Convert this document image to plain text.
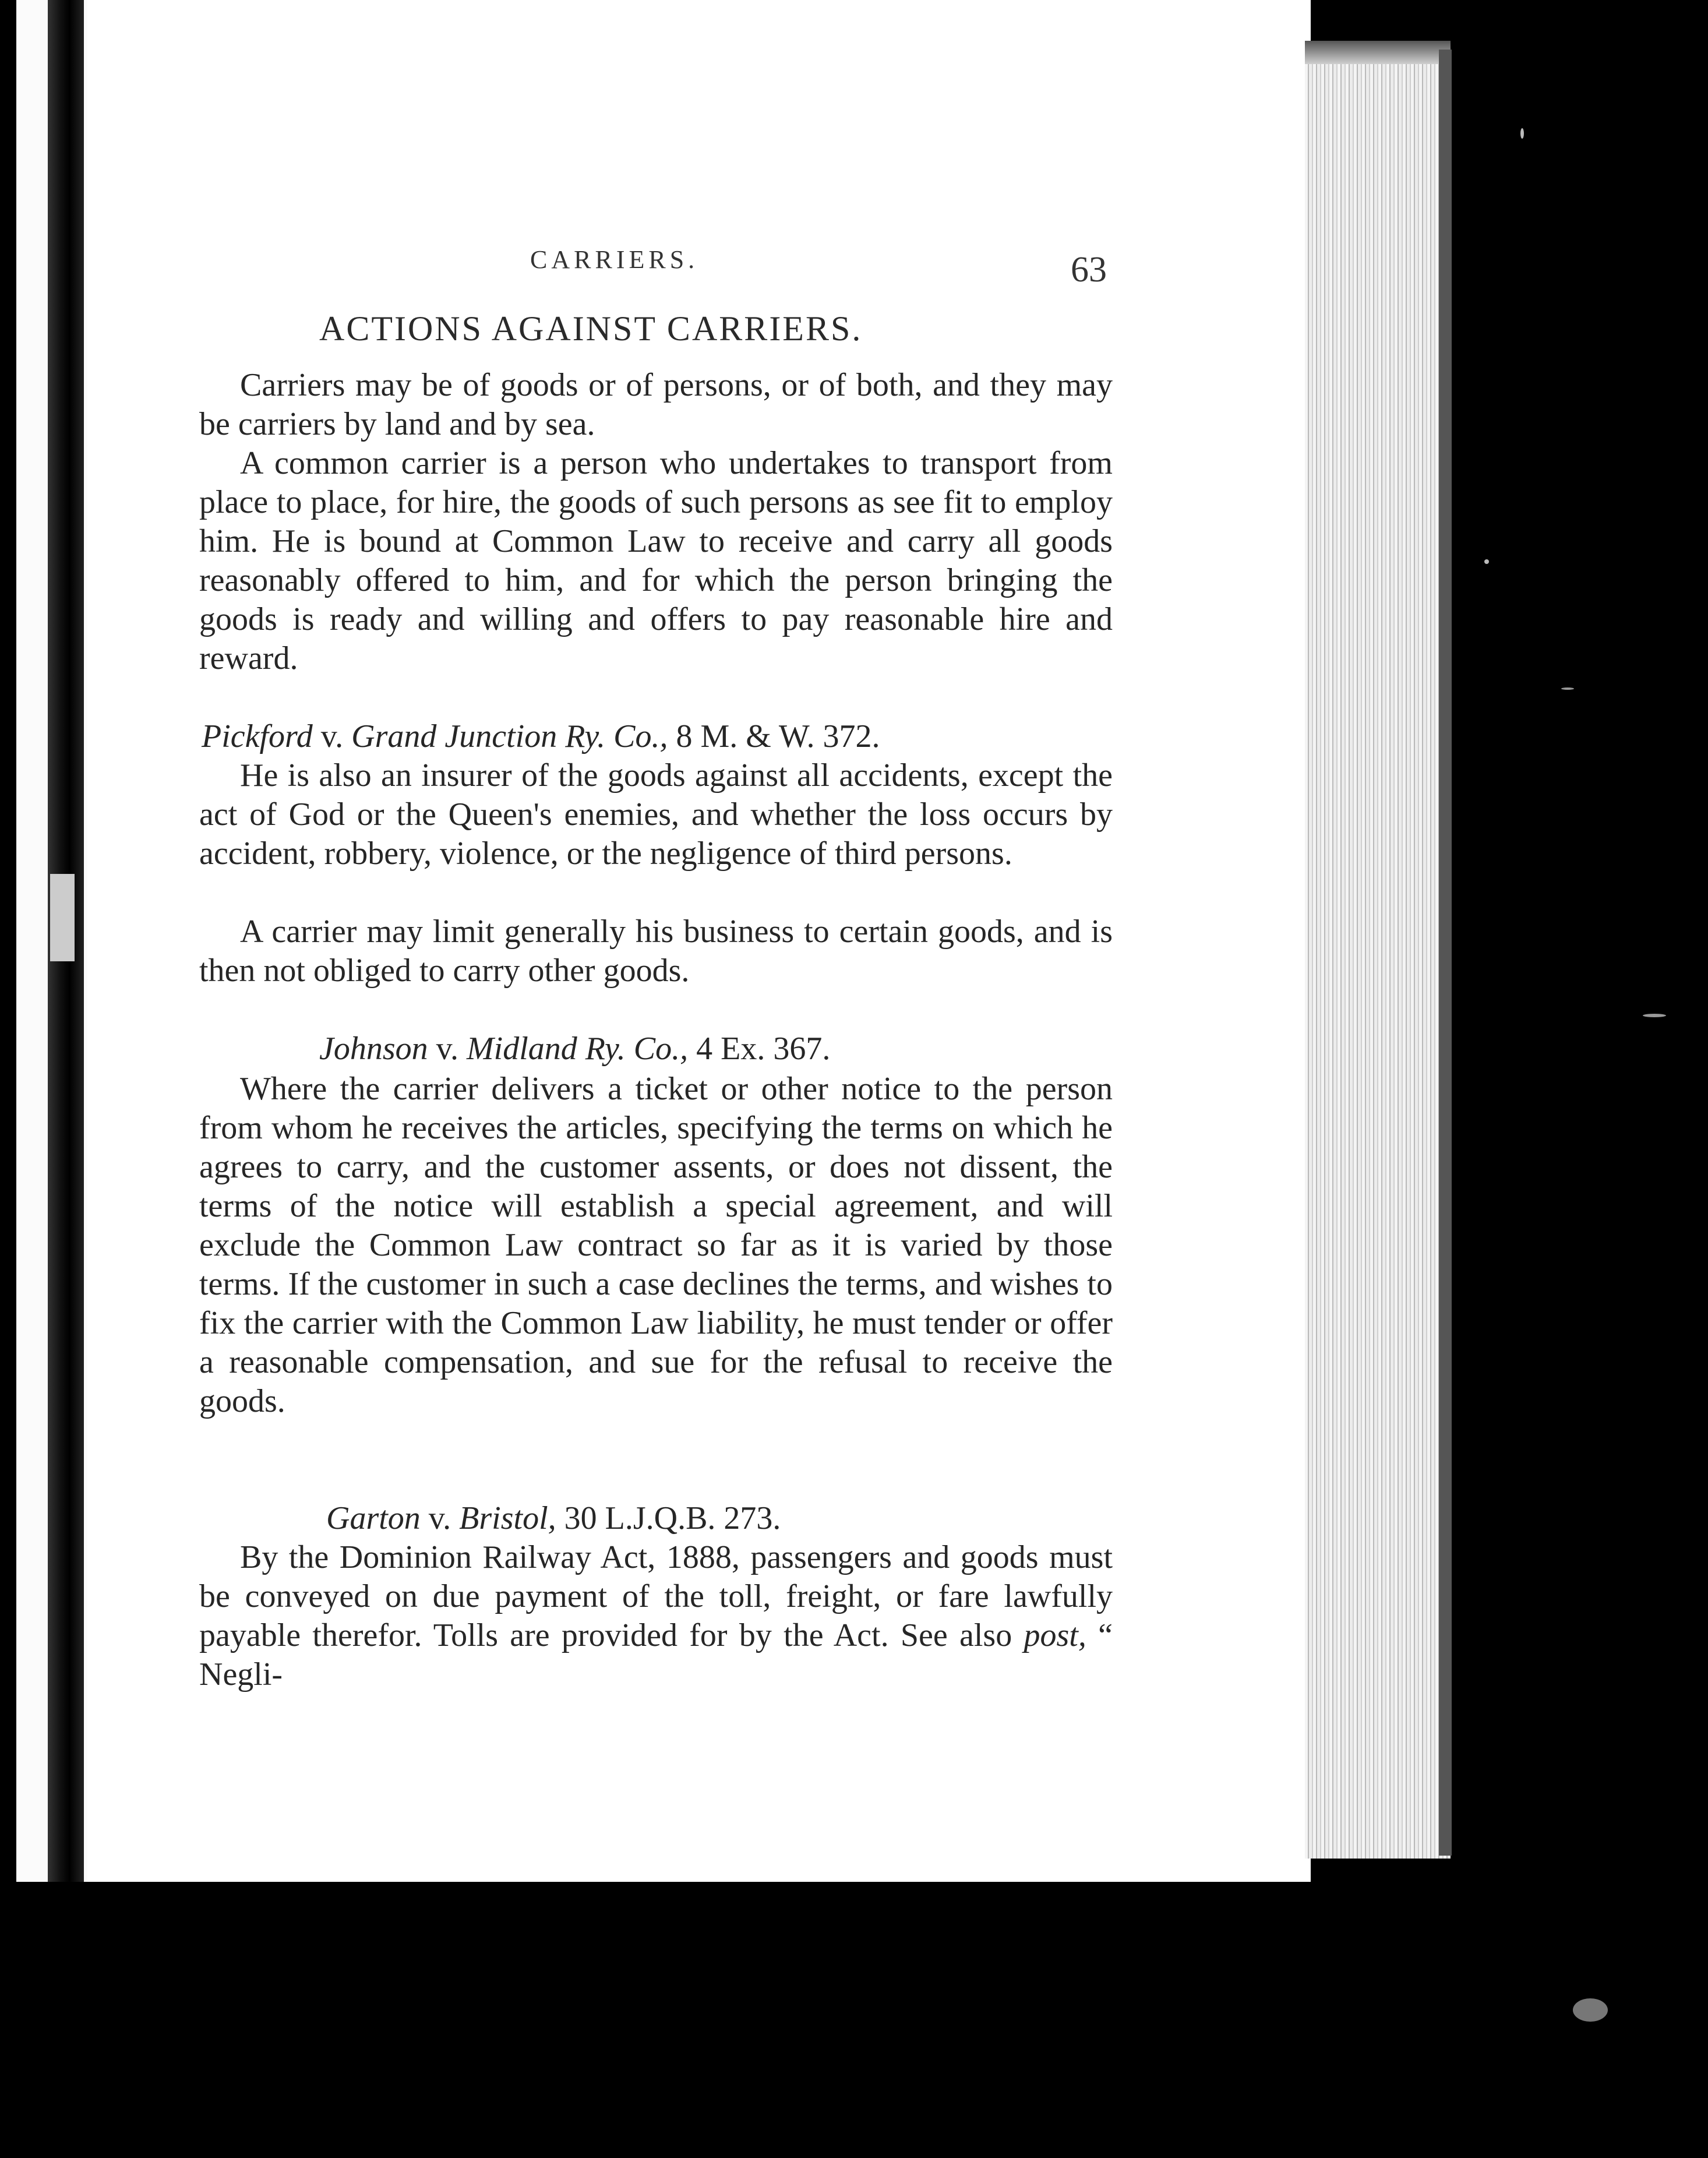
CARRIERS.	63
ACTIONS AGAINST CARRIERS.
Carriers may be of goods or of persons, or of both, and they may be carriers by land and by sea.
A common carrier is a person who undertakes to transport from place to place, for hire, the goods of such persons as see fit to employ him. He is bound at Common Law to receive and carry all goods reasonably offered to him, and for which the person bringing the goods is ready and willing and offers to pay reasonable hire and reward.
Pickford v. Grand Junction Ry. Co., 8 M. & W. 372.
He is also an insurer of the goods against all accidents, except the act of God or the Queen's enemies, and whether the loss occurs by accident, robbery, violence, or the negligence of third persons.
A carrier may limit generally his business to certain goods, and is then not obliged to carry other goods.
Johnson v. Midland Ry. Co., 4 Ex. 367.
Where the carrier delivers a ticket or other notice to the person from whom he receives the articles, specifying the terms on which he agrees to carry, and the customer assents, or does not dissent, the terms of the notice will establish a special agreement, and will exclude the Common Law contract so far as it is varied by those terms. If the customer in such a case declines the terms, and wishes to fix the carrier with the Common Law liability, he must tender or offer a reasonable compensation, and sue for the refusal to receive the goods.
Garton v. Bristol, 30 L.J.Q.B. 273.
By the Dominion Railway Act, 1888, passengers and goods must be conveyed on due payment of the toll, freight, or fare lawfully payable therefor. Tolls are provided for by the Act. See also post, “ Negli-
